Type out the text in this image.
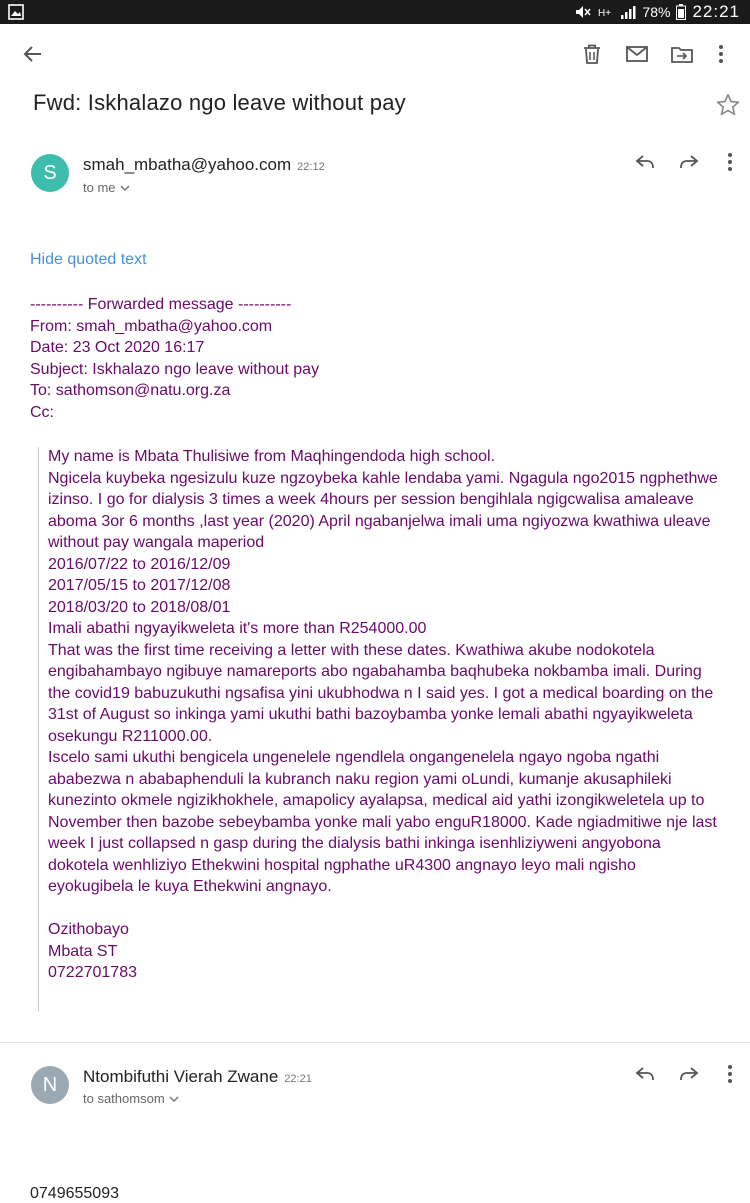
H+ 78% 22:21
Fwd: Iskhalazo ngo leave without pay
S smah_mbatha@yahoo.com 22:12
to me
Hide quoted text
---------- Forwarded message ----------
From: smah_mbatha@yahoo.com
Date: 23 Oct 2020 16:17
Subject: Iskhalazo ngo leave without pay
To: sathomson@natu.org.za
Cc:
My name is Mbata Thulisiwe from Maqhingendoda high school.
Ngicela kuybeka ngesizulu kuze ngzoybeka kahle lendaba yami. Ngagula ngo2015 ngphethwe izinso. I go for dialysis 3 times a week 4hours per session bengihlala ngigcwalisa amaleave aboma 3or 6 months ,last year (2020) April ngabanjelwa imali uma ngiyozwa kwathiwa uleave without pay wangala maperiod
2016/07/22 to 2016/12/09
2017/05/15 to 2017/12/08
2018/03/20 to 2018/08/01
Imali abathi ngyayikweleta it's more than R254000.00
That was the first time receiving a letter with these dates. Kwathiwa akube nodokotela engibahambayo ngibuye namareports abo ngabahamba baqhubeka nokbamba imali. During the covid19 babuzukuthi ngsafisa yini ukubhodwa n I said yes. I got a medical boarding on the 31st of August so inkinga yami ukuthi bathi bazoybamba yonke lemali abathi ngyayikweleta osekungu R211000.00.
Iscelo sami ukuthi bengicela ungenelele ngendlela ongangenelela ngayo ngoba ngathi ababezwa n ababaphenduli la kubranch naku region yami oLundi, kumanje akusaphileki kunezinto okmele ngizikhokhele, amapolicy ayalapsa, medical aid yathi izongikweletela up to November then bazobe sebeybamba yonke mali yabo enguR18000. Kade ngiadmitiwe nje last week I just collapsed n gasp during the dialysis bathi inkinga isenhliziyweni angyobona dokotela wenhliziyo Ethekwini hospital ngphathe uR4300 angnayo leyo mali ngisho eyokugibela le kuya Ethekwini angnayo.
Ozithobayo
Mbata ST
0722701783
N Ntombifuthi Vierah Zwane 22:21
to sathomsom
0749655093
